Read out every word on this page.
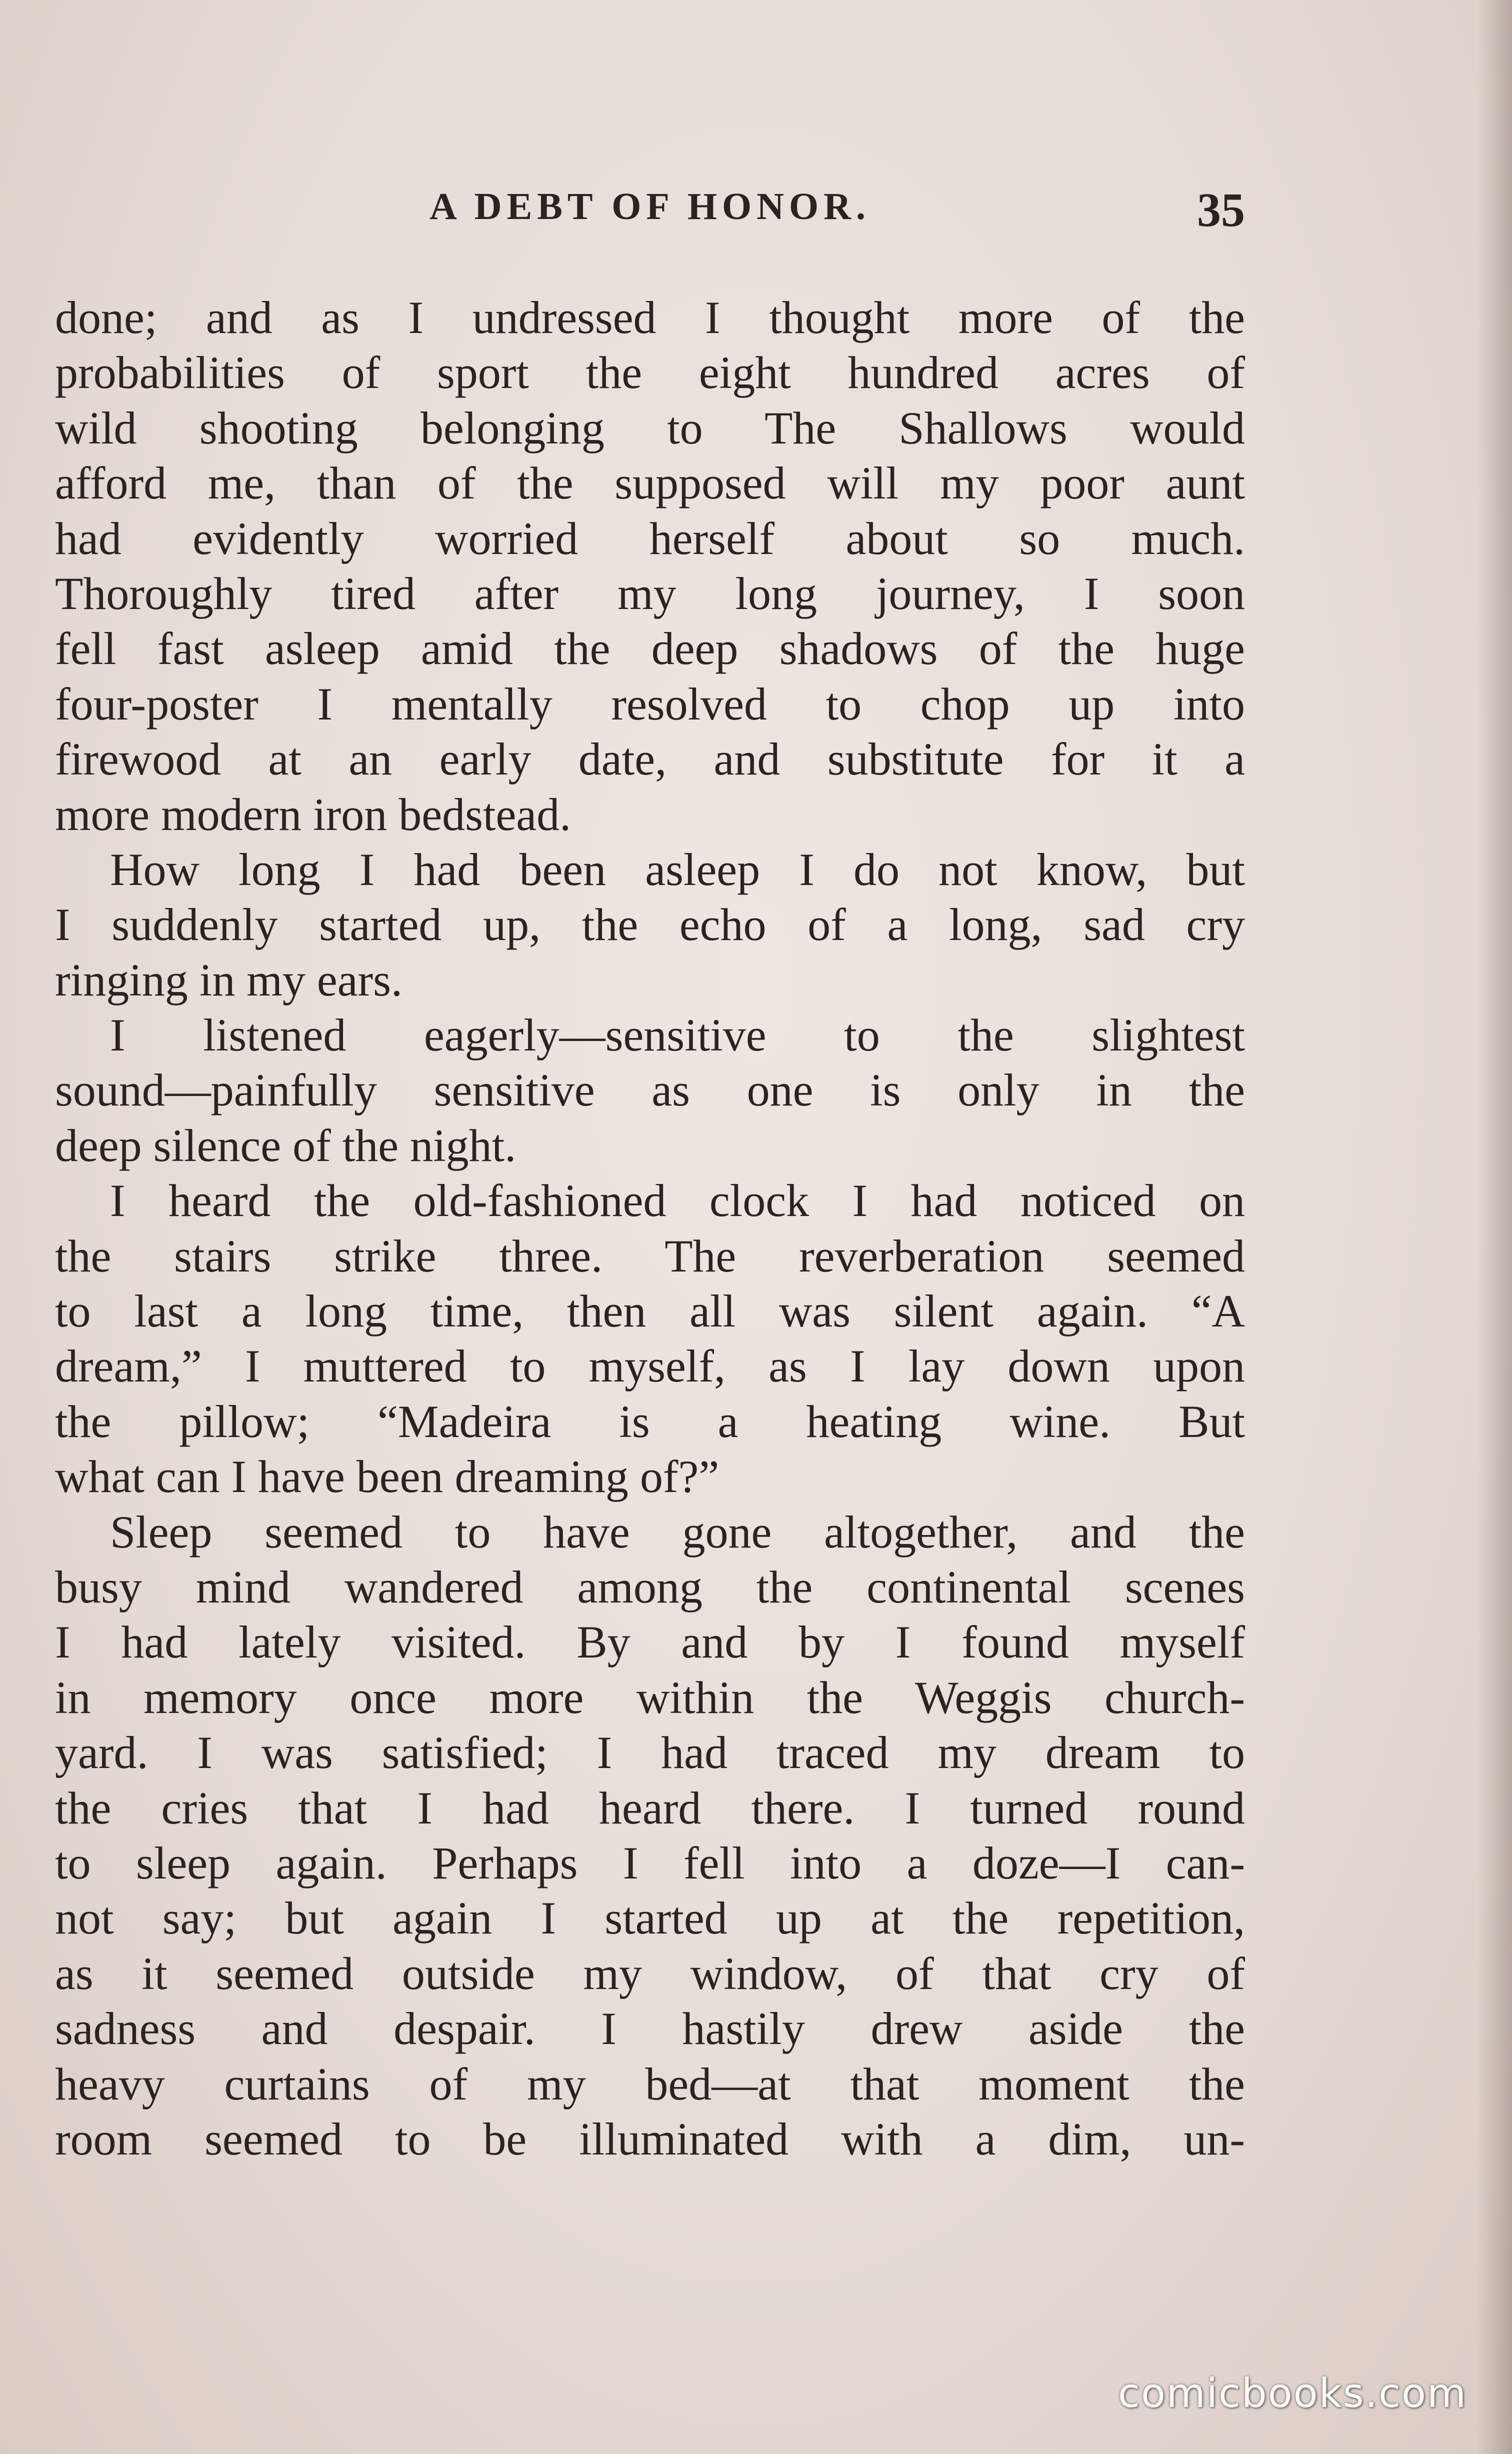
A DEBT OF HONOR.	35
done; and as I undressed I thought more of the
probabilities of sport the eight hundred acres of
wild shooting belonging to The Shallows would
afford me, than of the supposed will my poor aunt
had evidently worried herself about so much.
Thoroughly tired after my long journey, I soon
fell fast asleep amid the deep shadows of the huge
four-poster I mentally resolved to chop up into
firewood at an early date, and substitute for it a
more modern iron bedstead.
How long I had been asleep I do not know, but
I suddenly started up, the echo of a long, sad cry
ringing in my ears.
I listened eagerly—sensitive to the slightest
sound—painfully sensitive as one is only in the
deep silence of the night.
I heard the old-fashioned clock I had noticed on
the stairs strike three. The reverberation seemed
to last a long time, then all was silent again. “A
dream,” I muttered to myself, as I lay down upon
the pillow; “Madeira is a heating wine. But
what can I have been dreaming of?”
Sleep seemed to have gone altogether, and the
busy mind wandered among the continental scenes
I had lately visited. By and by I found myself
in memory once more within the Weggis church-
yard. I was satisfied; I had traced my dream to
the cries that I had heard there. I turned round
to sleep again. Perhaps I fell into a doze—I can-
not say; but again I started up at the repetition,
as it seemed outside my window, of that cry of
sadness and despair. I hastily drew aside the
heavy curtains of my bed—at that moment the
room seemed to be illuminated with a dim, un-
comicbooks.com
